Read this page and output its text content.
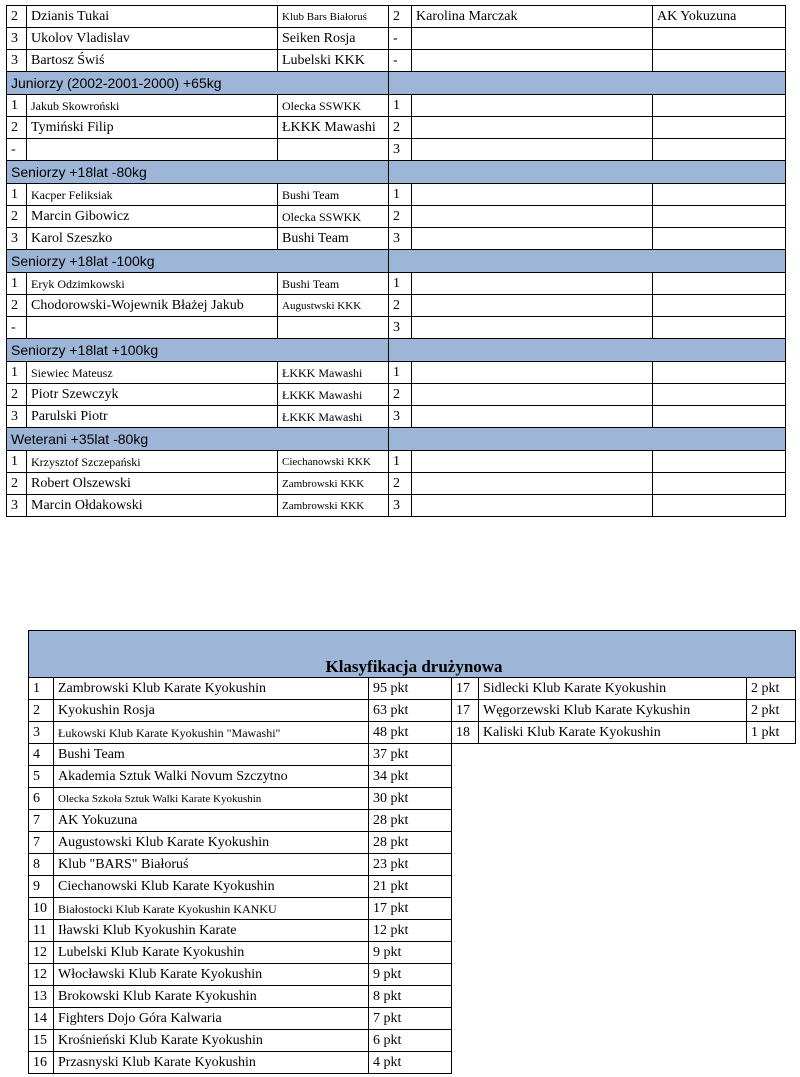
2	Dzianis Tukai	Klub Bars Białoruś	2	Karolina Marczak	AK Yokuzuna
3	Ukolov Vladislav	Seiken Rosja	-		
3	Bartosz Świś	Lubelski KKK	-		
Juniorzy (2002-2001-2000) +65kg					
1	Jakub Skowroński	Olecka SSWKK	1		
2	Tymiński Filip	ŁKKK Mawashi	2		
-			3		
Seniorzy +18lat -80kg					
1	Kacper Feliksiak	Bushi Team	1		
2	Marcin Gibowicz	Olecka SSWKK	2		
3	Karol Szeszko	Bushi Team	3		
Seniorzy +18lat -100kg					
1	Eryk Odzimkowski	Bushi Team	1		
2	Chodorowski-Wojewnik Błażej Jakub	Augustwski KKK	2		
-			3		
Seniorzy +18lat +100kg					
1	Siewiec Mateusz	ŁKKK Mawashi	1		
2	Piotr Szewczyk	ŁKKK Mawashi	2		
3	Parulski Piotr	ŁKKK Mawashi	3		
Weterani +35lat -80kg					
1	Krzysztof Szczepański	Ciechanowski KKK	1		
2	Robert Olszewski	Zambrowski KKK	2		
3	Marcin Ołdakowski	Zambrowski KKK	3		
Klasyfikacja drużynowa					
1	Zambrowski Klub Karate Kyokushin	95 pkt	17	Sidlecki Klub Karate Kyokushin	2 pkt
2	Kyokushin Rosja	63 pkt	17	Węgorzewski Klub Karate Kykushin	2 pkt
3	Łukowski Klub Karate Kyokushin "Mawashi"	48 pkt	18	Kaliski Klub Karate Kyokushin	1 pkt
4	Bushi Team	37 pkt			
5	Akademia Sztuk Walki Novum Szczytno	34 pkt			
6	Olecka Szkoła Sztuk Walki Karate Kyokushin	30 pkt			
7	AK Yokuzuna	28 pkt			
7	Augustowski Klub Karate Kyokushin	28 pkt			
8	Klub "BARS" Białoruś	23 pkt			
9	Ciechanowski Klub Karate Kyokushin	21 pkt			
10	Białostocki Klub Karate Kyokushin KANKU	17 pkt			
11	Iławski Klub Kyokushin Karate	12 pkt			
12	Lubelski Klub Karate Kyokushin	9 pkt			
12	Włocławski Klub Karate Kyokushin	9 pkt			
13	Brokowski Klub Karate Kyokushin	8 pkt			
14	Fighters Dojo Góra Kalwaria	7 pkt			
15	Krośnieński Klub Karate Kyokushin	6 pkt			
16	Przasnyski Klub Karate Kyokushin	4 pkt			
